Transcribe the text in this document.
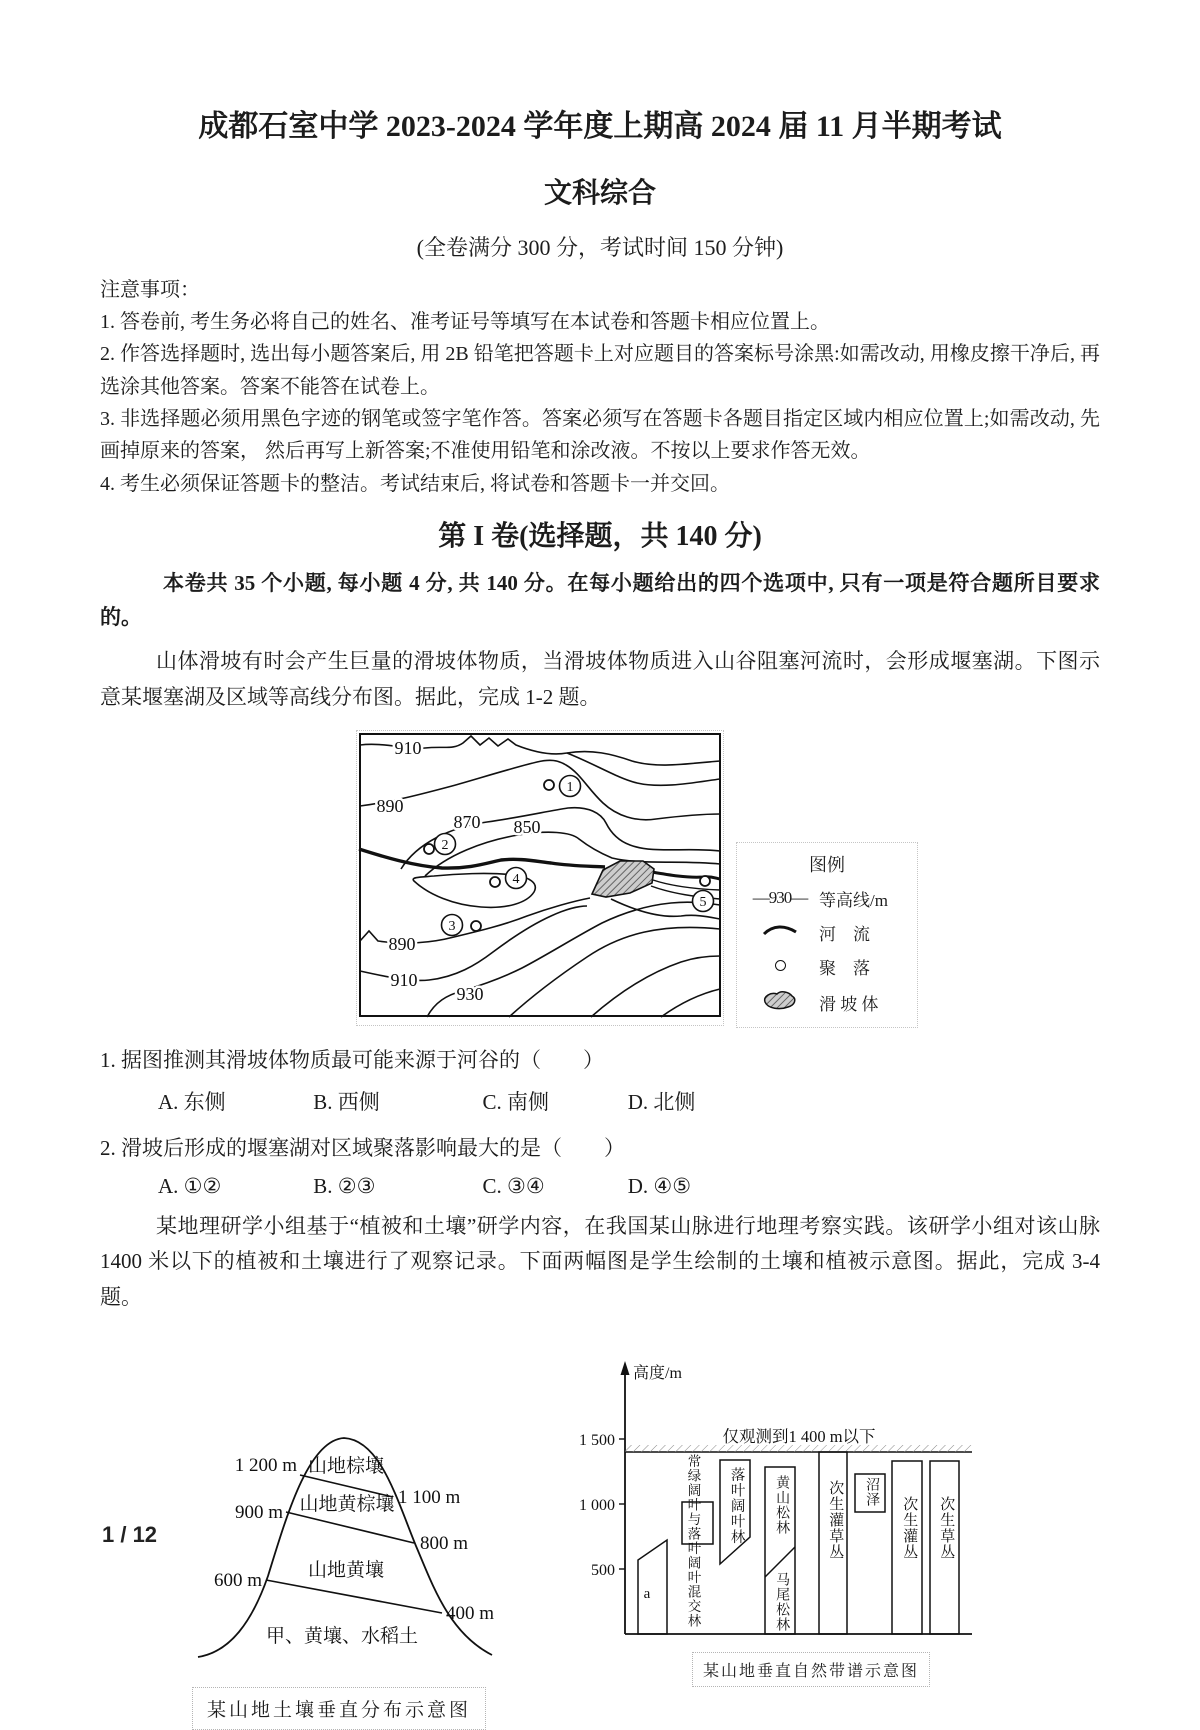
成都石室中学 2023-2024 学年度上期高 2024 届 11 月半期考试
文科综合
(全卷满分 300 分，考试时间 150 分钟)
注意事项：
1. 答卷前, 考生务必将自己的姓名、准考证号等填写在本试卷和答题卡相应位置上。
2. 作答选择题时, 选出每小题答案后, 用 2B 铅笔把答题卡上对应题目的答案标号涂黑:如需改动, 用橡皮擦干净后, 再选涂其他答案。答案不能答在试卷上。
3. 非选择题必须用黑色字迹的钢笔或签字笔作答。答案必须写在答题卡各题目指定区域内相应位置上;如需改动, 先画掉原来的答案， 然后再写上新答案;不准使用铅笔和涂改液。不按以上要求作答无效。
4. 考生必须保证答题卡的整洁。考试结束后, 将试卷和答题卡一并交回。
第 I 卷(选择题，共 140 分)
本卷共 35 个小题, 每小题 4 分, 共 140 分。在每小题给出的四个选项中, 只有一项是符合题所目要求的。
山体滑坡有时会产生巨量的滑坡体物质，当滑坡体物质进入山谷阻塞河流时，会形成堰塞湖。下图示意某堰塞湖及区域等高线分布图。据此，完成 1-2 题。
1
2
3
4
5
910
890
870 850
890
910
930
图例
—930— 等高线/m
河　流
聚　落
滑 坡 体
1. 据图推测其滑坡体物质最可能来源于河谷的（　　）
A. 东侧	B. 西侧	C. 南侧	D. 北侧
2. 滑坡后形成的堰塞湖对区域聚落影响最大的是（　　）
A. ①②	B. ②③	C. ③④	D. ④⑤
某地理研学小组基于“植被和土壤”研学内容，在我国某山脉进行地理考察实践。该研学小组对该山脉 1400 米以下的植被和土壤进行了观察记录。下面两幅图是学生绘制的土壤和植被示意图。据此，完成 3-4 题。
1 200 m
900 m
600 m
1 100 m
800 m
400 m
山地棕壤
山地黄棕壤
山地黄壤
甲、黄壤、水稻土
某山地土壤垂直分布示意图
高度/m
1 500
1 000
500
仅观测到1 400 m以下
a	常绿阔叶与落叶阔叶混交林 落叶阔叶林 黄山松林
马尾松林
次生灌草丛 沼泽
次生灌丛 次生草丛
某山地垂直自然带谱示意图
1 / 12
